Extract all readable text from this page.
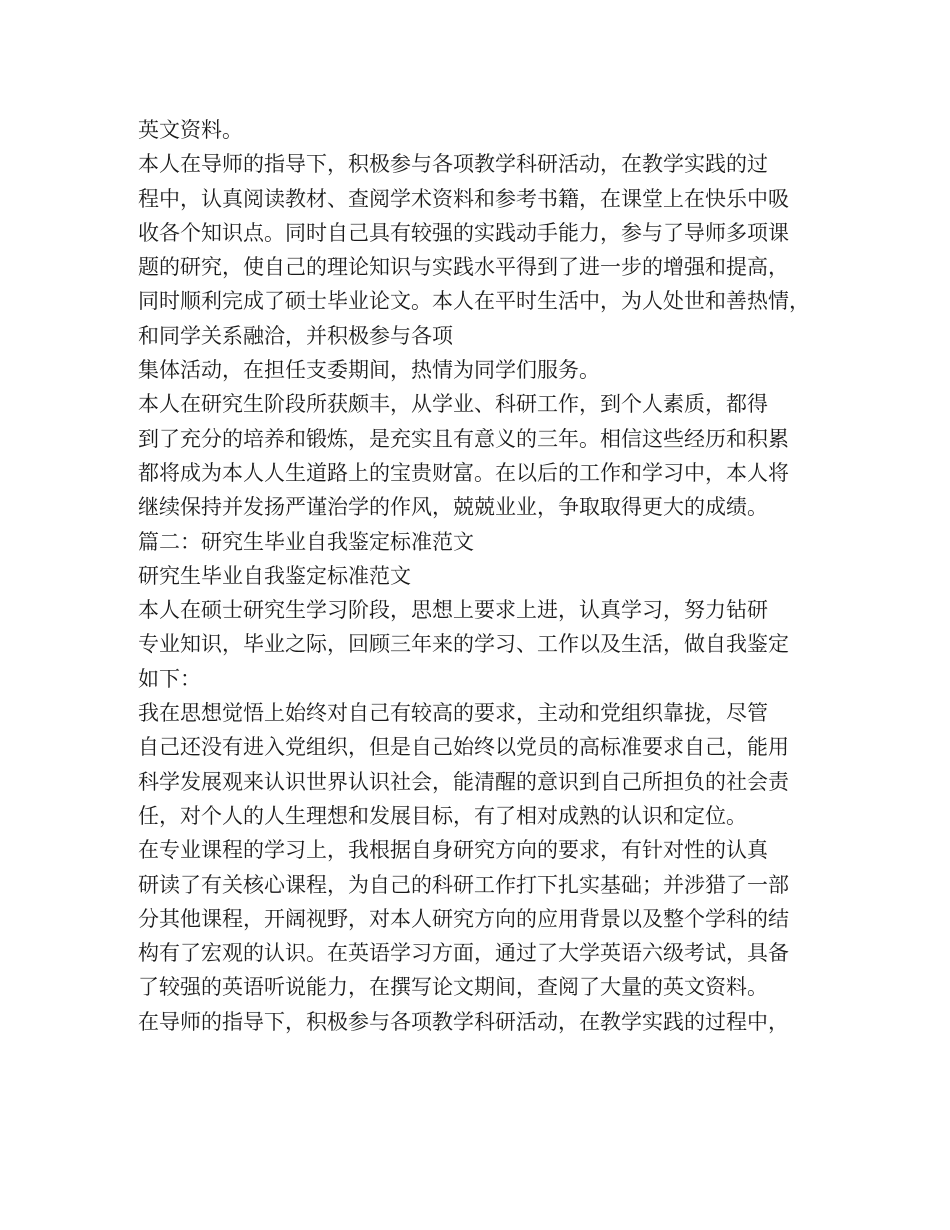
英文资料。
本人在导师的指导下，积极参与各项教学科研活动，在教学实践的过
程中，认真阅读教材、查阅学术资料和参考书籍，在课堂上在快乐中吸
收各个知识点。同时自己具有较强的实践动手能力，参与了导师多项课
题的研究，使自己的理论知识与实践水平得到了进一步的增强和提高，
同时顺利完成了硕士毕业论文。本人在平时生活中，为人处世和善热情，
和同学关系融洽，并积极参与各项
集体活动，在担任支委期间，热情为同学们服务。
本人在研究生阶段所获颇丰，从学业、科研工作，到个人素质，都得
到了充分的培养和锻炼，是充实且有意义的三年。相信这些经历和积累
都将成为本人人生道路上的宝贵财富。在以后的工作和学习中，本人将
继续保持并发扬严谨治学的作风，兢兢业业，争取取得更大的成绩。
篇二：研究生毕业自我鉴定标准范文
研究生毕业自我鉴定标准范文
本人在硕士研究生学习阶段，思想上要求上进，认真学习，努力钻研
专业知识，毕业之际，回顾三年来的学习、工作以及生活，做自我鉴定
如下：
我在思想觉悟上始终对自己有较高的要求，主动和党组织靠拢，尽管
自己还没有进入党组织，但是自己始终以党员的高标准要求自己，能用
科学发展观来认识世界认识社会，能清醒的意识到自己所担负的社会责
任，对个人的人生理想和发展目标，有了相对成熟的认识和定位。
在专业课程的学习上，我根据自身研究方向的要求，有针对性的认真
研读了有关核心课程，为自己的科研工作打下扎实基础；并涉猎了一部
分其他课程，开阔视野，对本人研究方向的应用背景以及整个学科的结
构有了宏观的认识。在英语学习方面，通过了大学英语六级考试，具备
了较强的英语听说能力，在撰写论文期间，查阅了大量的英文资料。
在导师的指导下，积极参与各项教学科研活动，在教学实践的过程中，
